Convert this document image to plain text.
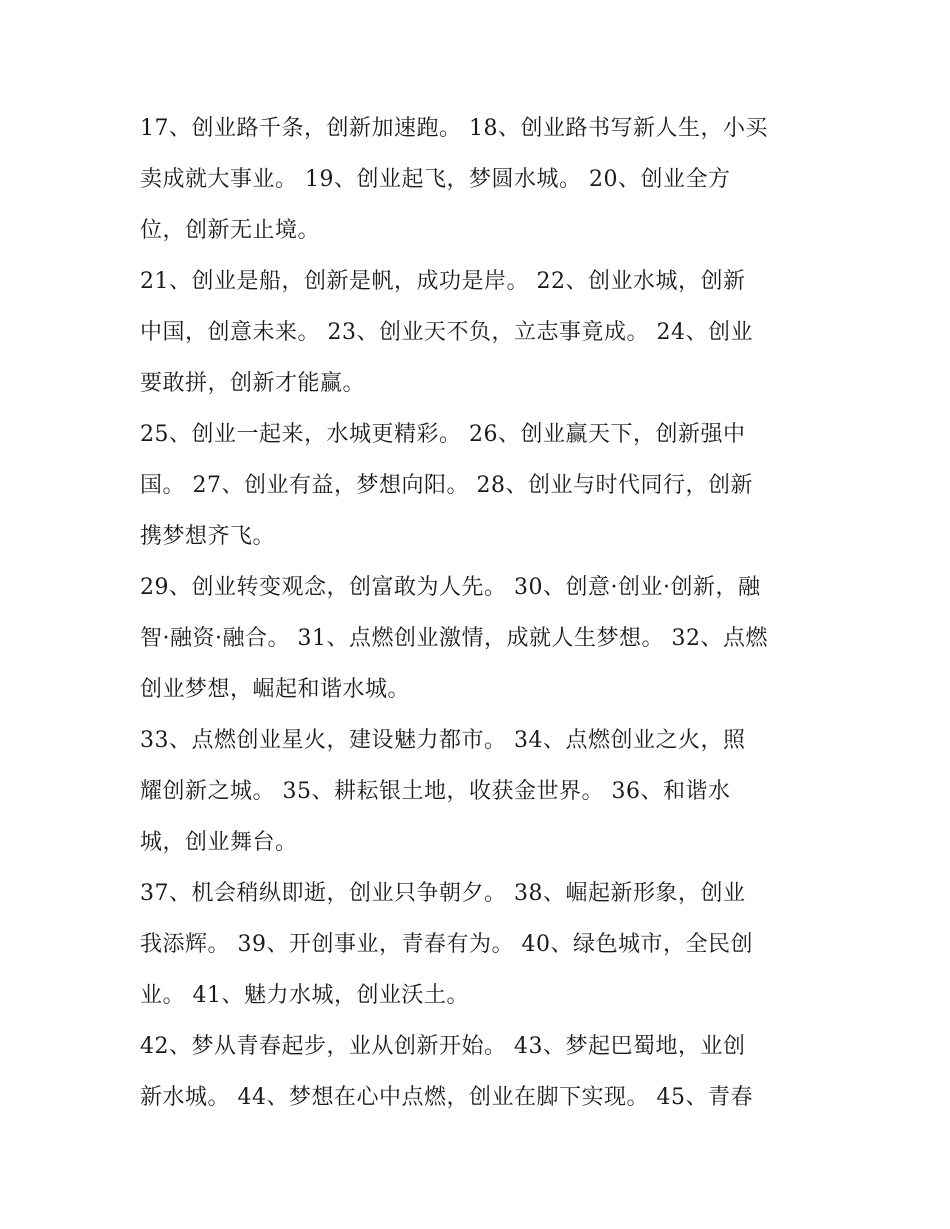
17、创业路千条，创新加速跑。 18、创业路书写新人生，小买
卖成就大事业。 19、创业起飞，梦圆水城。 20、创业全方
位，创新无止境。
21、创业是船，创新是帆，成功是岸。 22、创业水城，创新
中国，创意未来。 23、创业天不负，立志事竟成。 24、创业
要敢拼，创新才能赢。
25、创业一起来，水城更精彩。 26、创业赢天下，创新强中
国。 27、创业有益，梦想向阳。 28、创业与时代同行，创新
携梦想齐飞。
29、创业转变观念，创富敢为人先。 30、创意·创业·创新，融
智·融资·融合。 31、点燃创业激情，成就人生梦想。 32、点燃
创业梦想，崛起和谐水城。
33、点燃创业星火，建设魅力都市。 34、点燃创业之火，照
耀创新之城。 35、耕耘银土地，收获金世界。 36、和谐水
城，创业舞台。
37、机会稍纵即逝，创业只争朝夕。 38、崛起新形象，创业
我添辉。 39、开创事业，青春有为。 40、绿色城市，全民创
业。 41、魅力水城，创业沃土。
42、梦从青春起步，业从创新开始。 43、梦起巴蜀地，业创
新水城。 44、梦想在心中点燃，创业在脚下实现。 45、青春
